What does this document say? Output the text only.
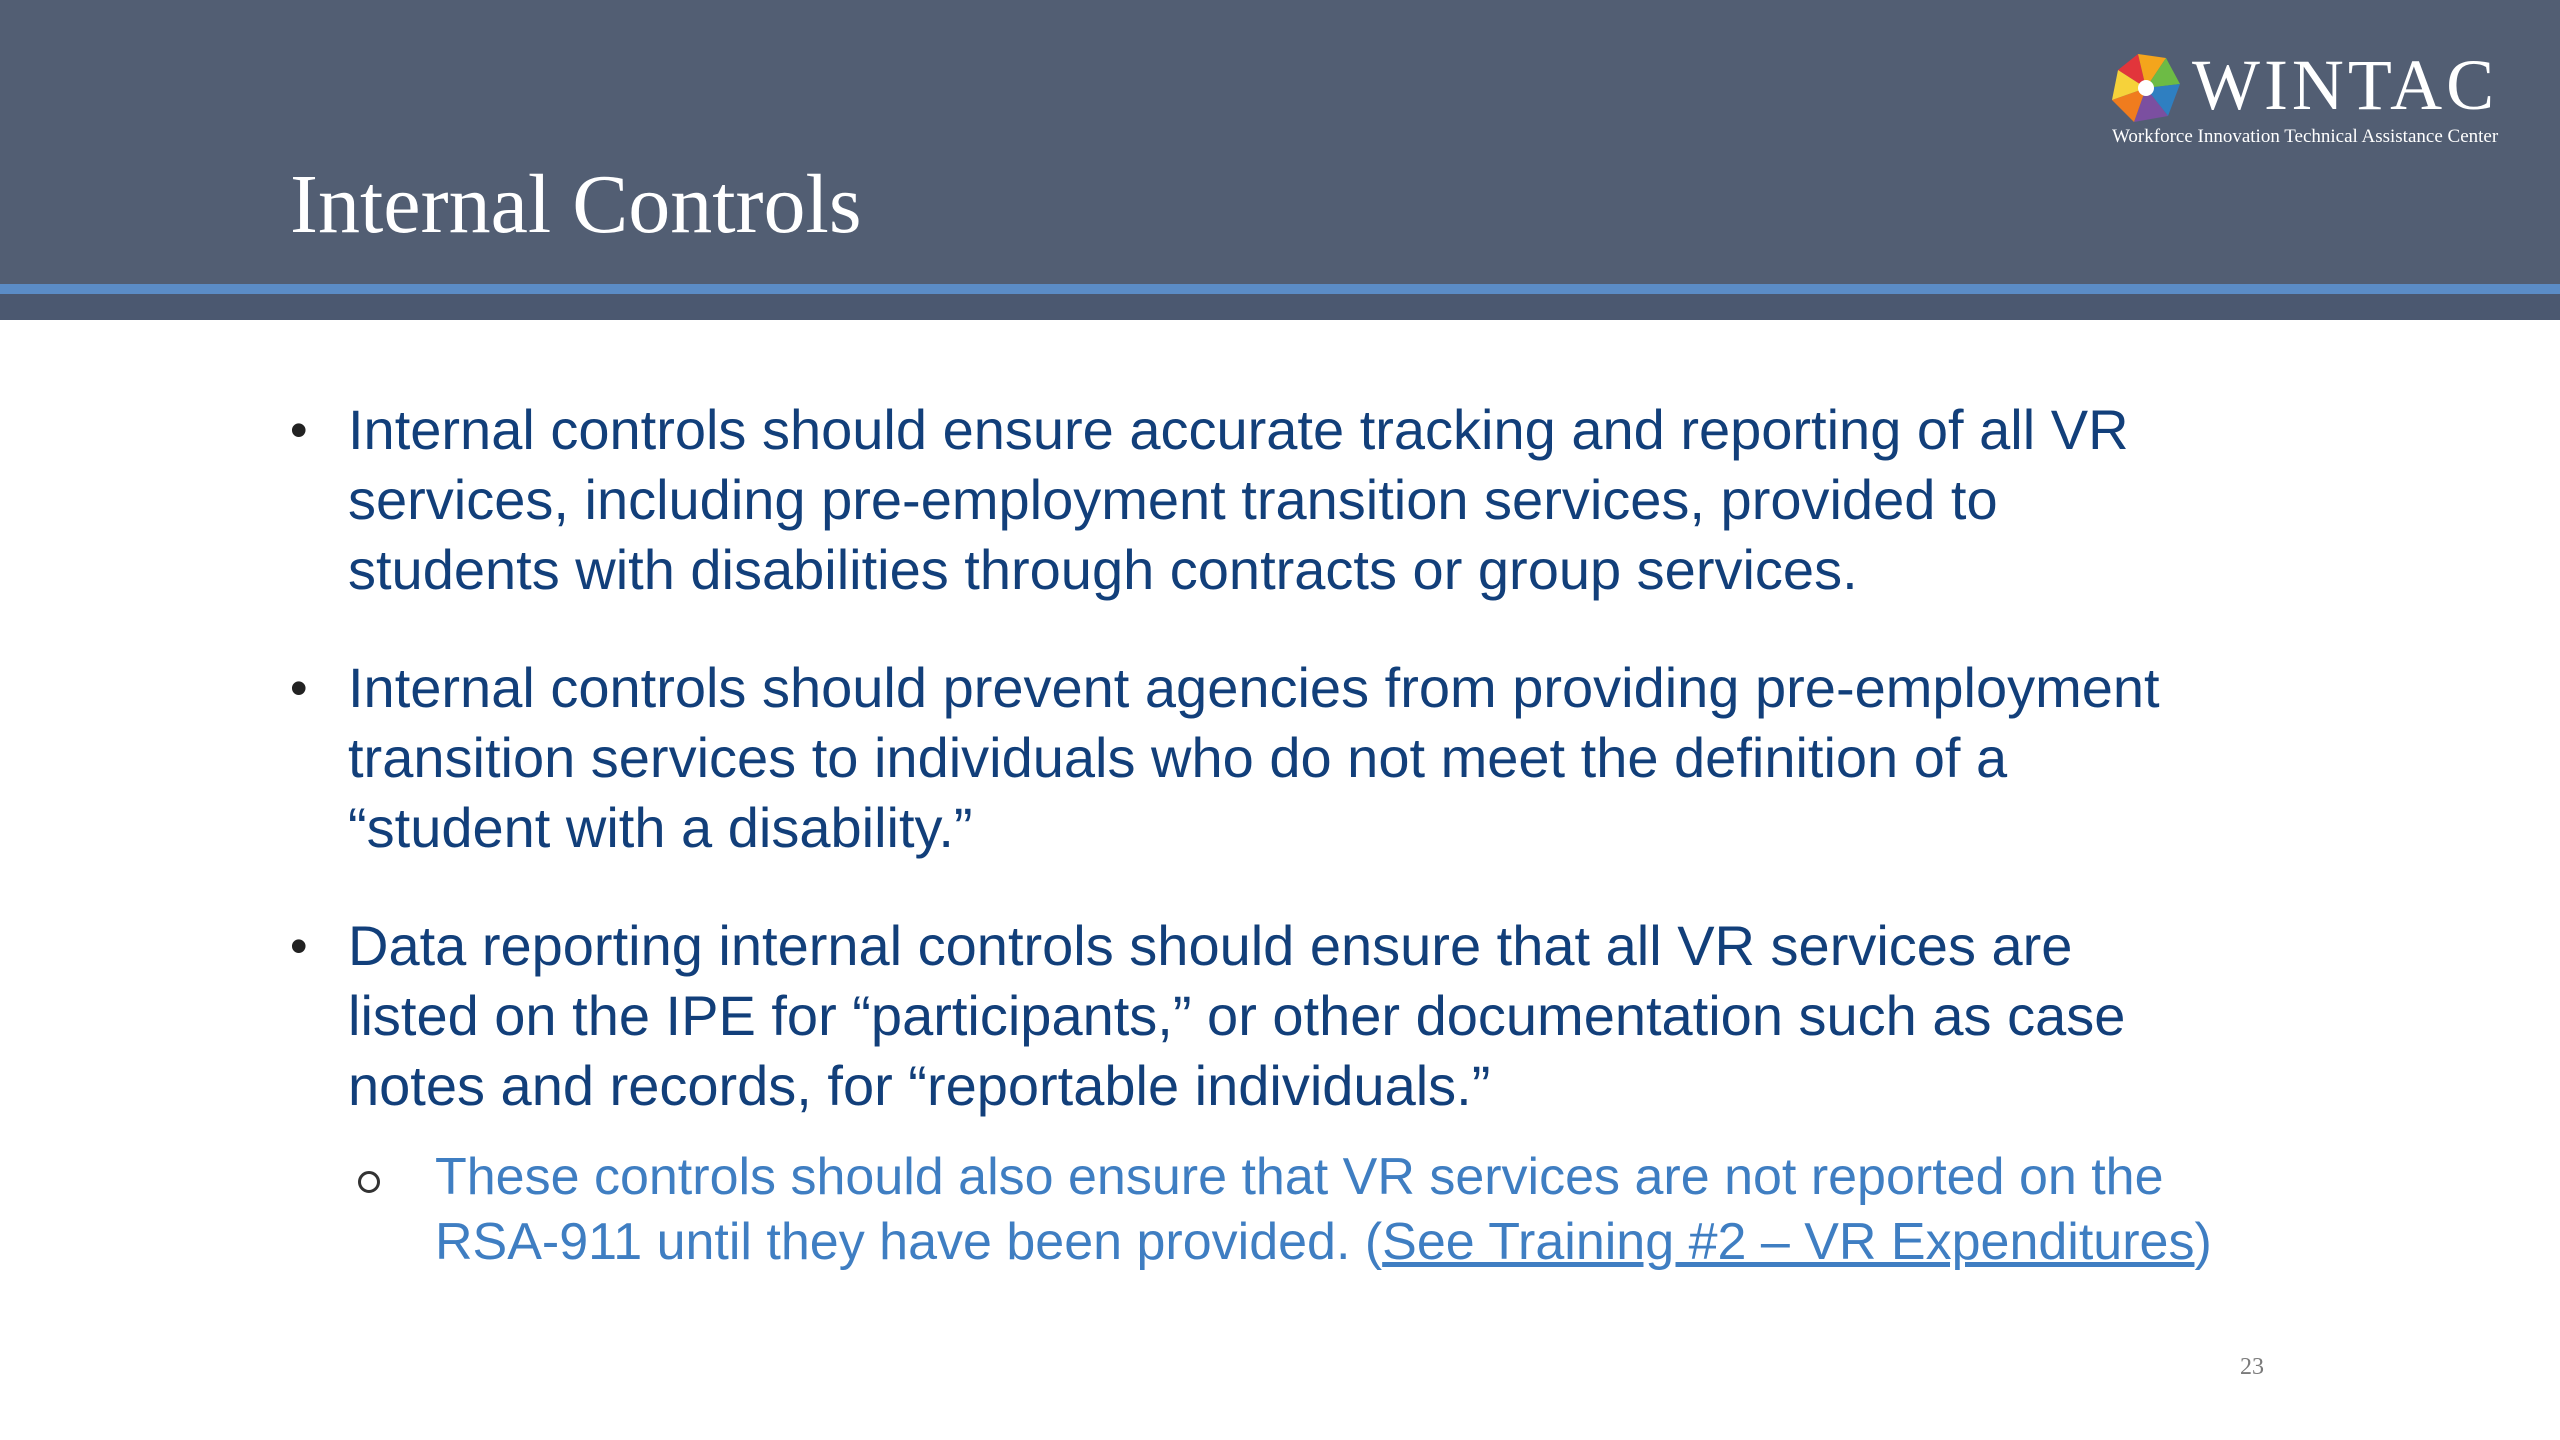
Internal Controls
WINTAC
Workforce Innovation Technical Assistance Center
• Internal controls should ensure accurate tracking and reporting of all VR
services, including pre-employment transition services, provided to
students with disabilities through contracts or group services.
• Internal controls should prevent agencies from providing pre-employment
transition services to individuals who do not meet the definition of a
“student with a disability.”
• Data reporting internal controls should ensure that all VR services are
listed on the IPE for “participants,” or other documentation such as case
notes and records, for “reportable individuals.”
These controls should also ensure that VR services are not reported on the
RSA-911 until they have been provided. (See Training #2 – VR Expenditures)
23
